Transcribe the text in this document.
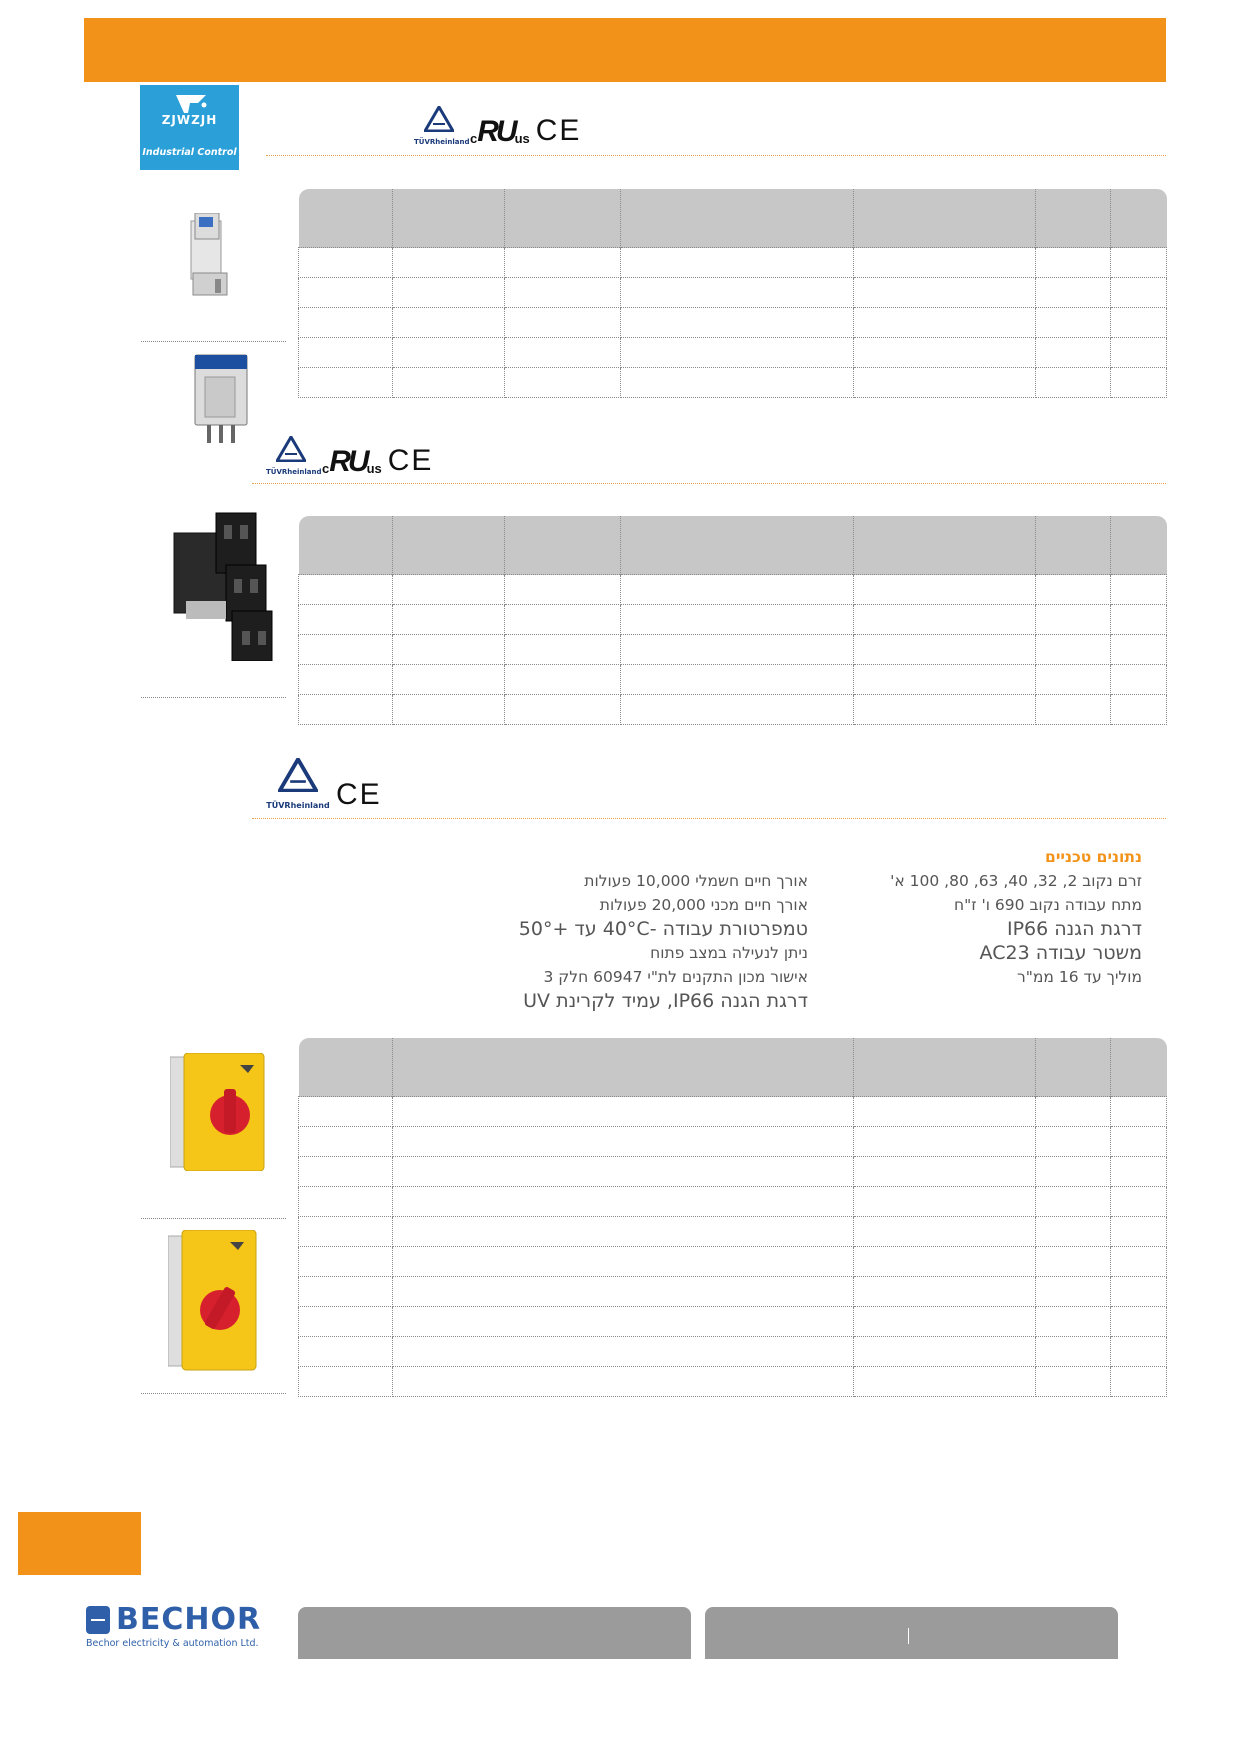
ZJWZJH
Industrial Control
TÜVRheinland c RU us CE

TÜVRheinland c RU us CE

TÜVRheinland CE
נתונים טכניים
זרם נקוב 2, 32, 40, 63, 80, 100 א'
מתח עבודה נקוב 690 ו' ז"ח
דרגת הגנה IP66
משטר עבודה AC23
מוליך עד 16 ממ"ר
אורך חיים חשמלי 10,000 פעולות
אורך חיים מכני 20,000 פעולות
טמפרטורת עבודה -40°C עד +50°
ניתן לנעילה במצב פתוח
אישור מכון התקנים לת"י 60947 חלק 3
דרגת הגנה IP66, עמיד לקרינת UV

BECHOR
Bechor electricity & automation Ltd.
